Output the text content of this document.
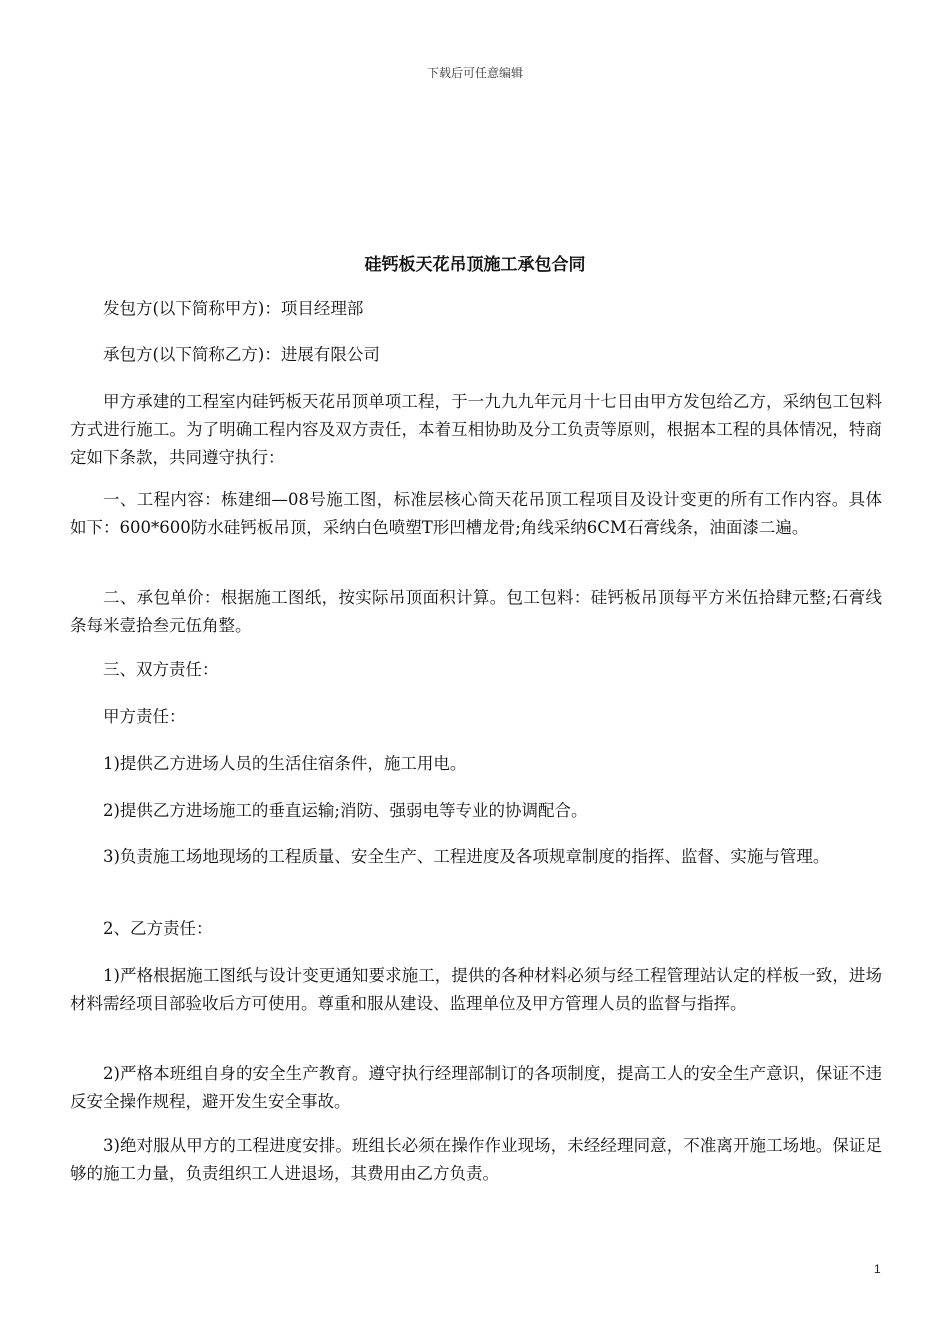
下载后可任意编辑
硅钙板天花吊顶施工承包合同

发包方(以下简称甲方)：项目经理部

承包方(以下简称乙方)：进展有限公司

甲方承建的工程室内硅钙板天花吊顶单项工程，于一九九九年元月十七日由甲方发包给乙方，采纳包工包料方式进行施工。为了明确工程内容及双方责任，本着互相协助及分工负责等原则，根据本工程的具体情况，特商定如下条款，共同遵守执行：

一、工程内容：栋建细—08号施工图，标准层核心筒天花吊顶工程项目及设计变更的所有工作内容。具体如下：600*600防水硅钙板吊顶，采纳白色喷塑T形凹槽龙骨;角线采纳6CM石膏线条，油面漆二遍。

二、承包单价：根据施工图纸，按实际吊顶面积计算。包工包料：硅钙板吊顶每平方米伍拾肆元整;石膏线条每米壹拾叁元伍角整。

三、双方责任：

甲方责任：

1)提供乙方进场人员的生活住宿条件，施工用电。

2)提供乙方进场施工的垂直运输;消防、强弱电等专业的协调配合。

3)负责施工场地现场的工程质量、安全生产、工程进度及各项规章制度的指挥、监督、实施与管理。

2、乙方责任：

1)严格根据施工图纸与设计变更通知要求施工，提供的各种材料必须与经工程管理站认定的样板一致，进场材料需经项目部验收后方可使用。尊重和服从建设、监理单位及甲方管理人员的监督与指挥。

2)严格本班组自身的安全生产教育。遵守执行经理部制订的各项制度，提高工人的安全生产意识，保证不违反安全操作规程，避开发生安全事故。

3)绝对服从甲方的工程进度安排。班组长必须在操作作业现场，未经经理同意，不准离开施工场地。保证足够的施工力量，负责组织工人进退场，其费用由乙方负责。

1
